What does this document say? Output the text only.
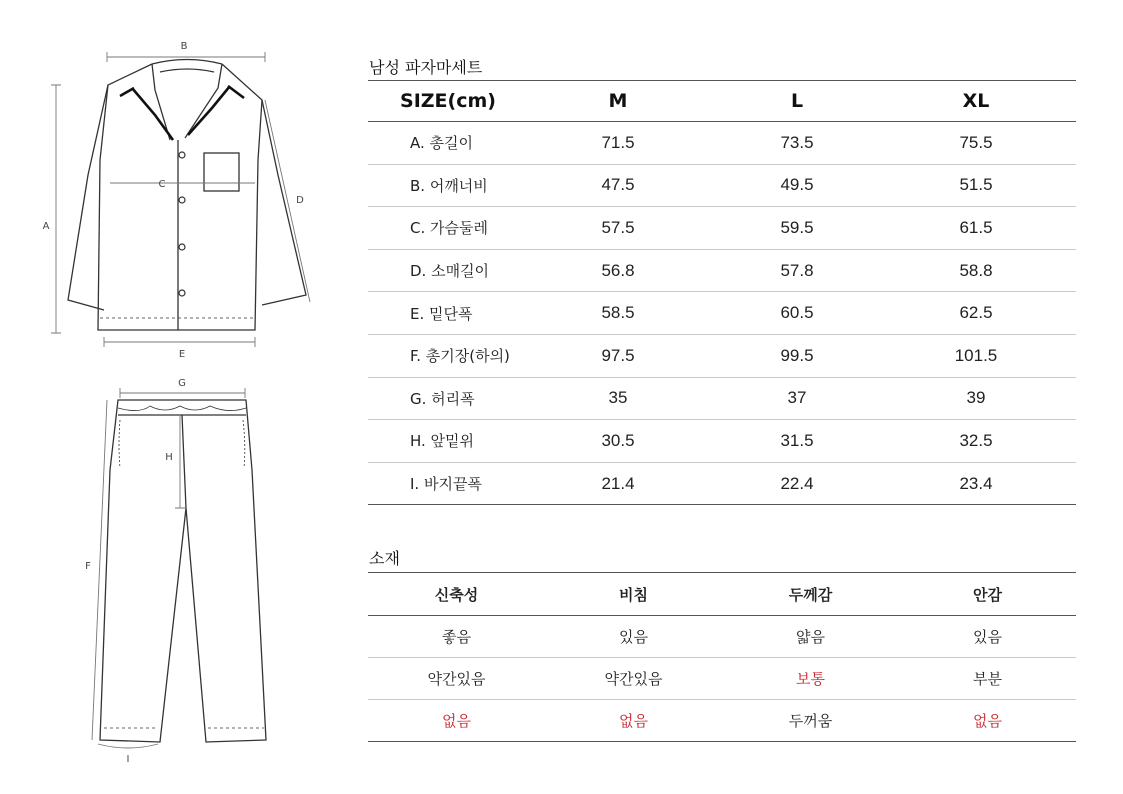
B
A
C
D
E
G
H
F
I
남성 파자마세트
SIZE(cm)	M	L	XL
A. 총길이	71.5	73.5	75.5
B. 어깨너비	47.5	49.5	51.5
C. 가슴둘레	57.5	59.5	61.5
D. 소매길이	56.8	57.8	58.8
E. 밑단폭	58.5	60.5	62.5
F. 총기장(하의)	97.5	99.5	101.5
G. 허리폭	35	37	39
H. 앞밑위	30.5	31.5	32.5
I. 바지끝폭	21.4	22.4	23.4
소재
신축성	비침	두께감	안감
좋음	있음	얇음	있음
약간있음	약간있음	보통	부분
없음	없음	두꺼움	없음
